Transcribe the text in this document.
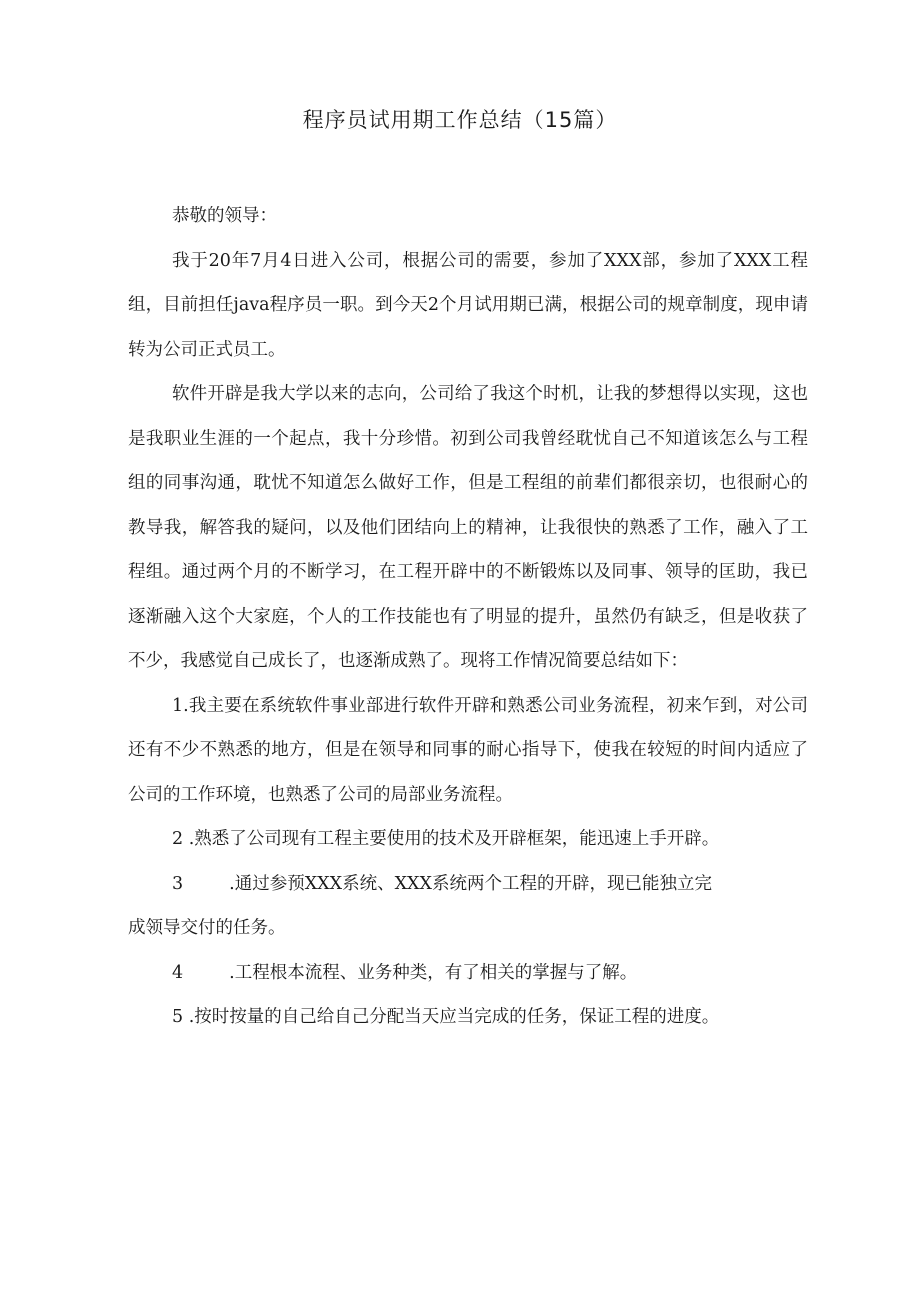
程序员试用期工作总结（15篇）

恭敬的领导：

我于20年7月4日进入公司，根据公司的需要，参加了XXX部，参加了XXX工程组，目前担任java程序员一职。到今天2个月试用期已满，根据公司的规章制度，现申请转为公司正式员工。

软件开辟是我大学以来的志向，公司给了我这个时机，让我的梦想得以实现，这也是我职业生涯的一个起点，我十分珍惜。初到公司我曾经耽忧自己不知道该怎么与工程组的同事沟通，耽忧不知道怎么做好工作，但是工程组的前辈们都很亲切，也很耐心的教导我，解答我的疑问，以及他们团结向上的精神，让我很快的熟悉了工作，融入了工程组。通过两个月的不断学习，在工程开辟中的不断锻炼以及同事、领导的匡助，我已逐渐融入这个大家庭，个人的工作技能也有了明显的提升，虽然仍有缺乏，但是收获了不少，我感觉自己成长了，也逐渐成熟了。现将工作情况简要总结如下：

1.我主要在系统软件事业部进行软件开辟和熟悉公司业务流程，初来乍到，对公司还有不少不熟悉的地方，但是在领导和同事的耐心指导下，使我在较短的时间内适应了公司的工作环境，也熟悉了公司的局部业务流程。

2 .熟悉了公司现有工程主要使用的技术及开辟框架，能迅速上手开辟。

3	.通过参预XXX系统、XXX系统两个工程的开辟，现已能独立完

成领导交付的任务。

4	.工程根本流程、业务种类，有了相关的掌握与了解。

5 .按时按量的自己给自己分配当天应当完成的任务，保证工程的进度。
